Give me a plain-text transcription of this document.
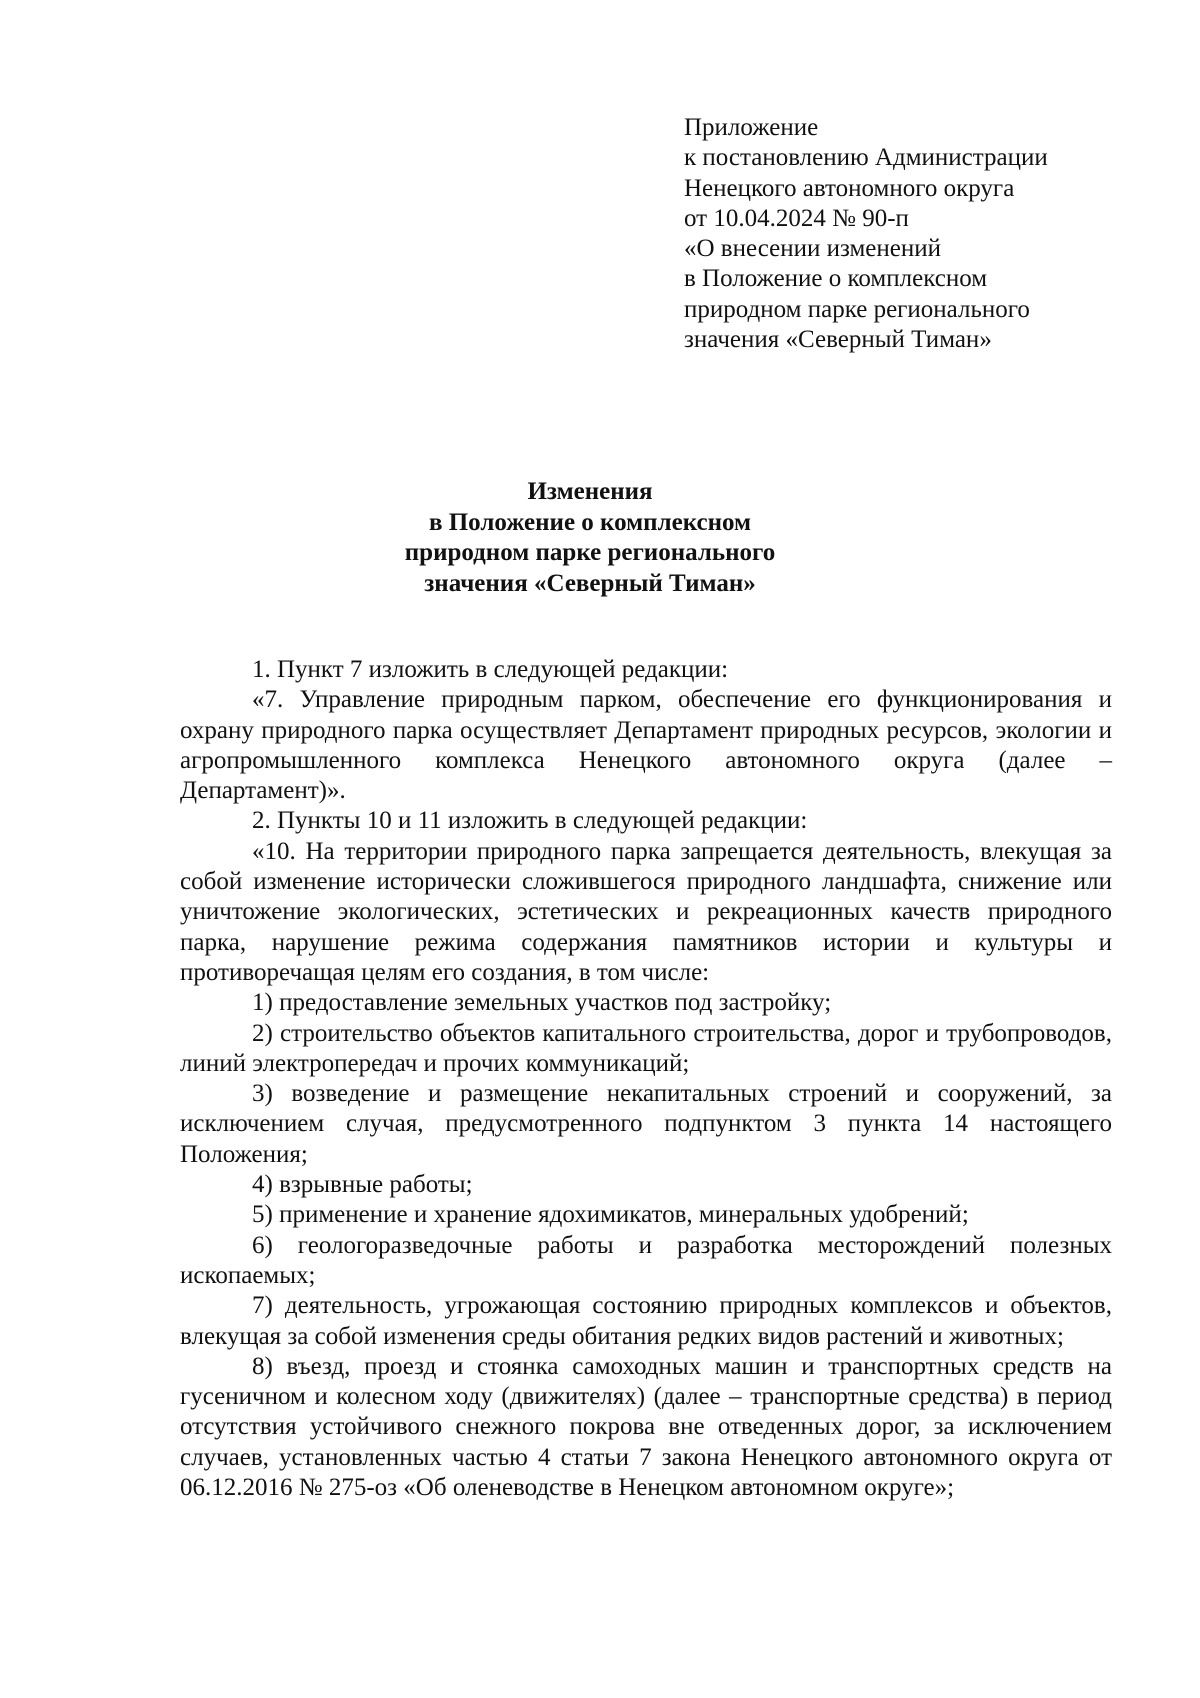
Приложение
к постановлению Администрации
Ненецкого автономного округа
от 10.04.2024 № 90-п
«О внесении изменений
в Положение о комплексном
природном парке регионального
значения «Северный Тиман»
Изменения
в Положение о комплексном
природном парке регионального
значения «Северный Тиман»

1. Пункт 7 изложить в следующей редакции:

«7. Управление природным парком, обеспечение его функционирования и охрану природного парка осуществляет Департамент природных ресурсов, экологии и агропромышленного комплекса Ненецкого автономного округа (далее – Департамент)».

2. Пункты 10 и 11 изложить в следующей редакции:

«10. На территории природного парка запрещается деятельность, влекущая за собой изменение исторически сложившегося природного ландшафта, снижение или уничтожение экологических, эстетических и рекреационных качеств природного парка, нарушение режима содержания памятников истории и культуры и противоречащая целям его создания, в том числе:

1) предоставление земельных участков под застройку;

2) строительство объектов капитального строительства, дорог и трубопроводов, линий электропередач и прочих коммуникаций;

3) возведение и размещение некапитальных строений и сооружений, за исключением случая, предусмотренного подпунктом 3 пункта 14 настоящего Положения;

4) взрывные работы;

5) применение и хранение ядохимикатов, минеральных удобрений;

6) геологоразведочные работы и разработка месторождений полезных ископаемых;

7) деятельность, угрожающая состоянию природных комплексов и объектов, влекущая за собой изменения среды обитания редких видов растений и животных;

8) въезд, проезд и стоянка самоходных машин и транспортных средств на гусеничном и колесном ходу (движителях) (далее – транспортные средства) в период отсутствия устойчивого снежного покрова вне отведенных дорог, за исключением случаев, установленных частью 4 статьи 7 закона Ненецкого автономного округа от 06.12.2016 № 275-оз «Об оленеводстве в Ненецком автономном округе»;
